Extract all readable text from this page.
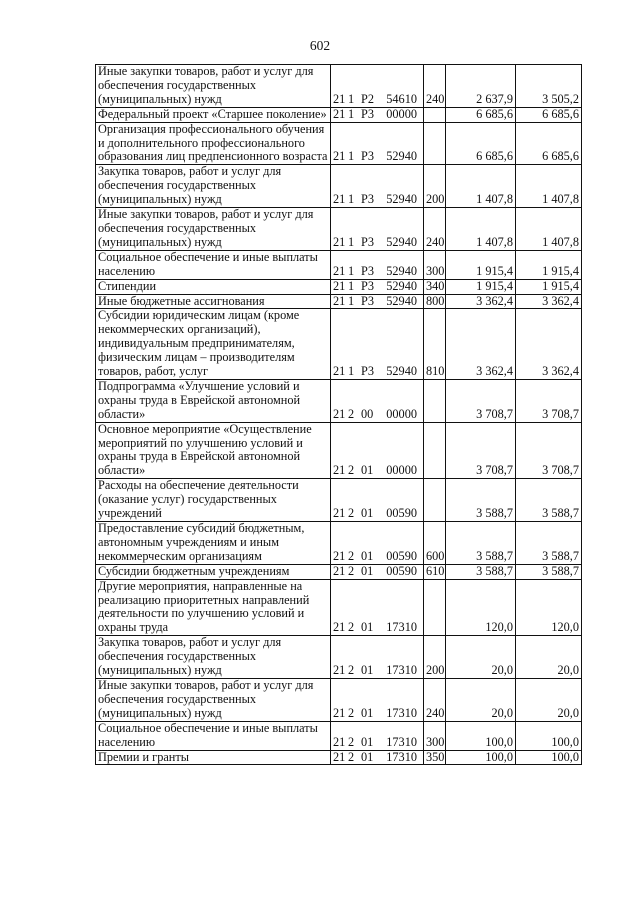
602
Иные закупки товаров, работ и услуг для обеспечения государственных (муниципальных) нужд	21 1 P2 54610	240	2 637,9	3 505,2
Федеральный проект «Старшее поколение»	21 1 P3 00000		6 685,6	6 685,6
Организация профессионального обучения и дополнительного профессионального образования лиц предпенсионного возраста	21 1 P3 52940		6 685,6	6 685,6
Закупка товаров, работ и услуг для обеспечения государственных (муниципальных) нужд	21 1 P3 52940	200	1 407,8	1 407,8
Иные закупки товаров, работ и услуг для обеспечения государственных (муниципальных) нужд	21 1 P3 52940	240	1 407,8	1 407,8
Социальное обеспечение и иные выплаты населению	21 1 P3 52940	300	1 915,4	1 915,4
Стипендии	21 1 P3 52940	340	1 915,4	1 915,4
Иные бюджетные ассигнования	21 1 P3 52940	800	3 362,4	3 362,4
Субсидии юридическим лицам (кроме некоммерческих организаций), индивидуальным предпринимателям, физическим лицам – производителям товаров, работ, услуг	21 1 P3 52940	810	3 362,4	3 362,4
Подпрограмма «Улучшение условий и охраны труда в Еврейской автономной области»	21 2 00 00000		3 708,7	3 708,7
Основное мероприятие «Осуществление мероприятий по улучшению условий и охраны труда в Еврейской автономной области»	21 2 01 00000		3 708,7	3 708,7
Расходы на обеспечение деятельности (оказание услуг) государственных учреждений	21 2 01 00590		3 588,7	3 588,7
Предоставление субсидий бюджетным, автономным учреждениям и иным некоммерческим организациям	21 2 01 00590	600	3 588,7	3 588,7
Субсидии бюджетным учреждениям	21 2 01 00590	610	3 588,7	3 588,7
Другие мероприятия, направленные на реализацию приоритетных направлений деятельности по улучшению условий и охраны труда	21 2 01 17310		120,0	120,0
Закупка товаров, работ и услуг для обеспечения государственных (муниципальных) нужд	21 2 01 17310	200	20,0	20,0
Иные закупки товаров, работ и услуг для обеспечения государственных (муниципальных) нужд	21 2 01 17310	240	20,0	20,0
Социальное обеспечение и иные выплаты населению	21 2 01 17310	300	100,0	100,0
Премии и гранты	21 2 01 17310	350	100,0	100,0
